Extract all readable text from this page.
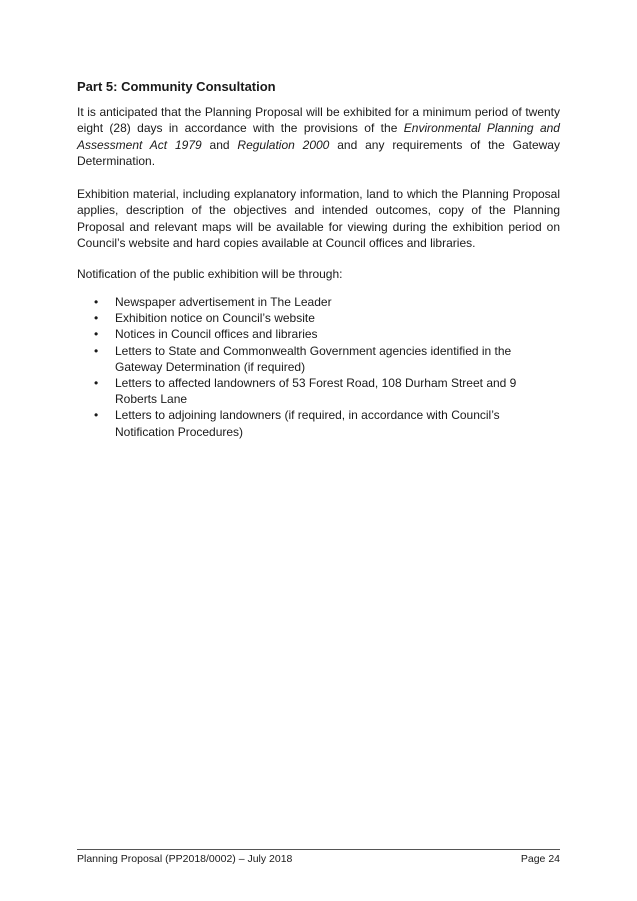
Part 5: Community Consultation

It is anticipated that the Planning Proposal will be exhibited for a minimum period of twenty eight (28) days in accordance with the provisions of the Environmental Planning and Assessment Act 1979 and Regulation 2000 and any requirements of the Gateway Determination.

Exhibition material, including explanatory information, land to which the Planning Proposal applies, description of the objectives and intended outcomes, copy of the Planning Proposal and relevant maps will be available for viewing during the exhibition period on Council’s website and hard copies available at Council offices and libraries.

Notification of the public exhibition will be through:

• Newspaper advertisement in The Leader
• Exhibition notice on Council’s website
• Notices in Council offices and libraries
• Letters to State and Commonwealth Government agencies identified in the Gateway Determination (if required)
• Letters to affected landowners of 53 Forest Road, 108 Durham Street and 9 Roberts Lane
• Letters to adjoining landowners (if required, in accordance with Council’s Notification Procedures)
Planning Proposal (PP2018/0002) – July 2018	Page 24
